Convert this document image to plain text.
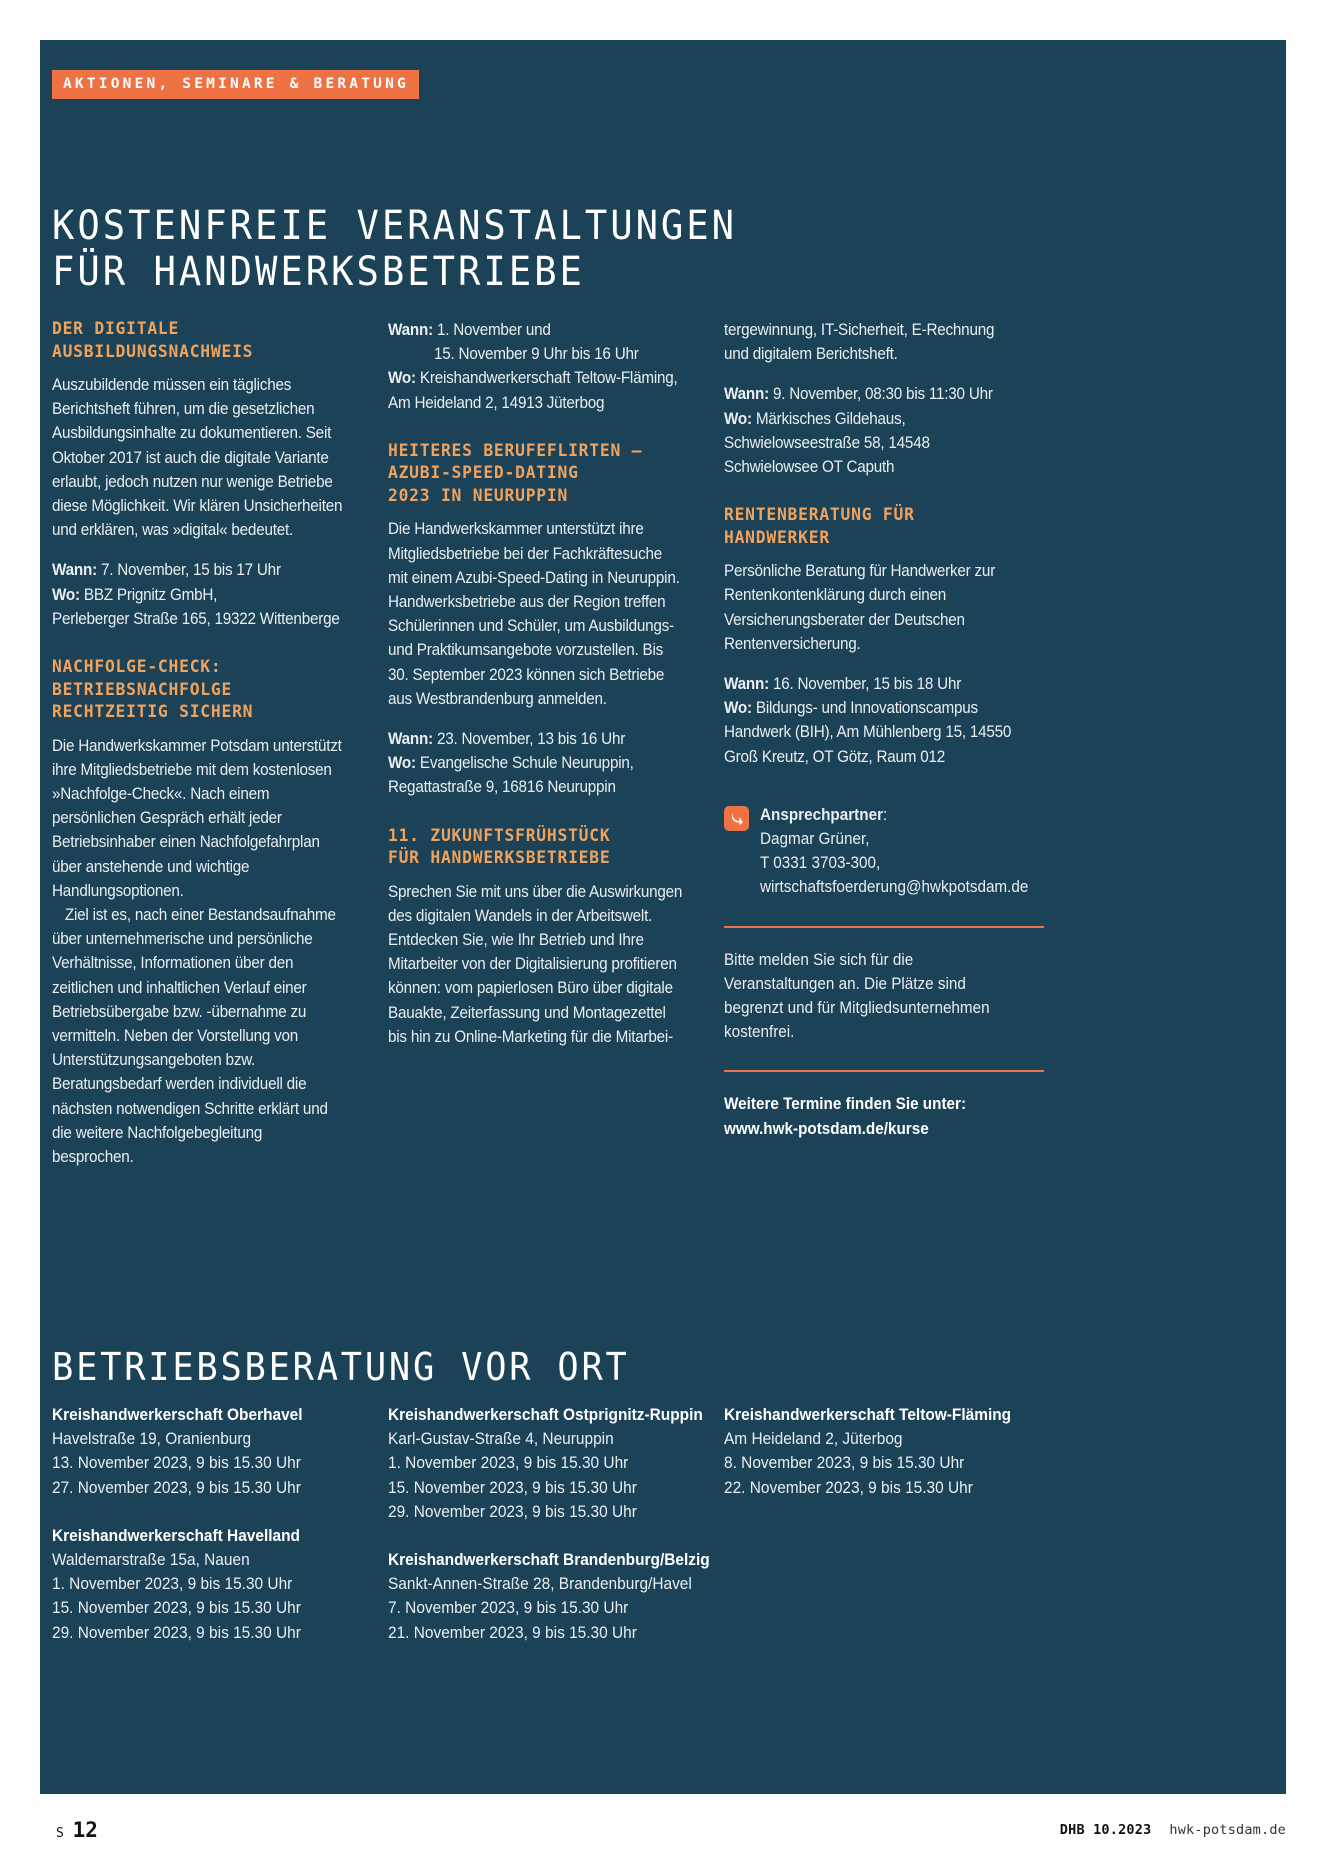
AKTIONEN, SEMINARE & BERATUNG
KOSTENFREIE VERANSTALTUNGEN
FÜR HANDWERKSBETRIEBE
DER DIGITALE
AUSBILDUNGSNACHWEIS

Auszubildende müssen ein tägliches Berichtsheft führen, um die gesetzlichen Ausbildungsinhalte zu dokumentieren. Seit Oktober 2017 ist auch die digitale Variante erlaubt, jedoch nutzen nur wenige Betriebe diese Möglichkeit. Wir klären Unsicherheiten und erklären, was »digital« bedeutet.

Wann: 7. November, 15 bis 17 Uhr
Wo: BBZ Prignitz GmbH,
Perleberger Straße 165, 19322 Wittenberge

NACHFOLGE-CHECK:
BETRIEBSNACHFOLGE
RECHTZEITIG SICHERN

Die Handwerkskammer Potsdam unterstützt ihre Mitgliedsbetriebe mit dem kostenlosen »Nachfolge-Check«. Nach einem persönlichen Gespräch erhält jeder Betriebsinhaber einen Nachfolgefahrplan über anstehende und wichtige Handlungsoptionen.

Ziel ist es, nach einer Bestandsaufnahme über unternehmerische und persönliche Verhältnisse, Informationen über den zeitlichen und inhaltlichen Verlauf einer Betriebsübergabe bzw. -übernahme zu vermitteln. Neben der Vorstellung von Unterstützungsangeboten bzw. Beratungsbedarf werden individuell die nächsten notwendigen Schritte erklärt und die weitere Nachfolgebegleitung besprochen.

Wann: 1. November und
15. November 9 Uhr bis 16 Uhr
Wo: Kreishandwerkerschaft Teltow-Fläming, Am Heideland 2, 14913 Jüterbog

HEITERES BERUFEFLIRTEN –
AZUBI-SPEED-DATING
2023 IN NEURUPPIN

Die Handwerkskammer unterstützt ihre Mitgliedsbetriebe bei der Fachkräftesuche mit einem Azubi-Speed-Dating in Neuruppin. Handwerksbetriebe aus der Region treffen Schülerinnen und Schüler, um Ausbildungs- und Praktikumsangebote vorzustellen. Bis 30. September 2023 können sich Betriebe aus Westbrandenburg anmelden.

Wann: 23. November, 13 bis 16 Uhr
Wo: Evangelische Schule Neuruppin,
Regattastraße 9, 16816 Neuruppin

11. ZUKUNFTSFRÜHSTÜCK
FÜR HANDWERKSBETRIEBE

Sprechen Sie mit uns über die Auswirkungen des digitalen Wandels in der Arbeitswelt. Entdecken Sie, wie Ihr Betrieb und Ihre Mitarbeiter von der Digitalisierung profitieren können: vom papierlosen Büro über digitale Bauakte, Zeiterfassung und Montagezettel bis hin zu Online-Marketing für die Mitarbei-

tergewinnung, IT-Sicherheit, E-Rechnung und digitalem Berichtsheft.

Wann: 9. November, 08:30 bis 11:30 Uhr
Wo: Märkisches Gildehaus, Schwielowseestraße 58, 14548 Schwielowsee OT Caputh

RENTENBERATUNG FÜR
HANDWERKER

Persönliche Beratung für Handwerker zur Rentenkontenklärung durch einen Versicherungsberater der Deutschen Rentenversicherung.

Wann: 16. November, 15 bis 18 Uhr
Wo: Bildungs- und Innovationscampus Handwerk (BIH), Am Mühlenberg 15, 14550 Groß Kreutz, OT Götz, Raum 012

Ansprechpartner:
Dagmar Grüner,
T 0331 3703-300,
wirtschaftsfoerderung@hwkpotsdam.de
Bitte melden Sie sich für die Veranstaltungen an. Die Plätze sind begrenzt und für Mitgliedsunternehmen kostenfrei.
Weitere Termine finden Sie unter:
www.hwk-potsdam.de/kurse
BETRIEBSBERATUNG VOR ORT
Kreishandwerkerschaft Oberhavel
Havelstraße 19, Oranienburg
13. November 2023, 9 bis 15.30 Uhr
27. November 2023, 9 bis 15.30 Uhr
Kreishandwerkerschaft Havelland
Waldemarstraße 15a, Nauen
1. November 2023, 9 bis 15.30 Uhr
15. November 2023, 9 bis 15.30 Uhr
29. November 2023, 9 bis 15.30 Uhr
Kreishandwerkerschaft Ostprignitz-Ruppin
Karl-Gustav-Straße 4, Neuruppin
1. November 2023, 9 bis 15.30 Uhr
15. November 2023, 9 bis 15.30 Uhr
29. November 2023, 9 bis 15.30 Uhr
Kreishandwerkerschaft Brandenburg/Belzig
Sankt-Annen-Straße 28, Brandenburg/Havel
7. November 2023, 9 bis 15.30 Uhr
21. November 2023, 9 bis 15.30 Uhr
Kreishandwerkerschaft Teltow-Fläming
Am Heideland 2, Jüterbog
8. November 2023, 9 bis 15.30 Uhr
22. November 2023, 9 bis 15.30 Uhr
S 12	DHB 10.2023 hwk-potsdam.de
